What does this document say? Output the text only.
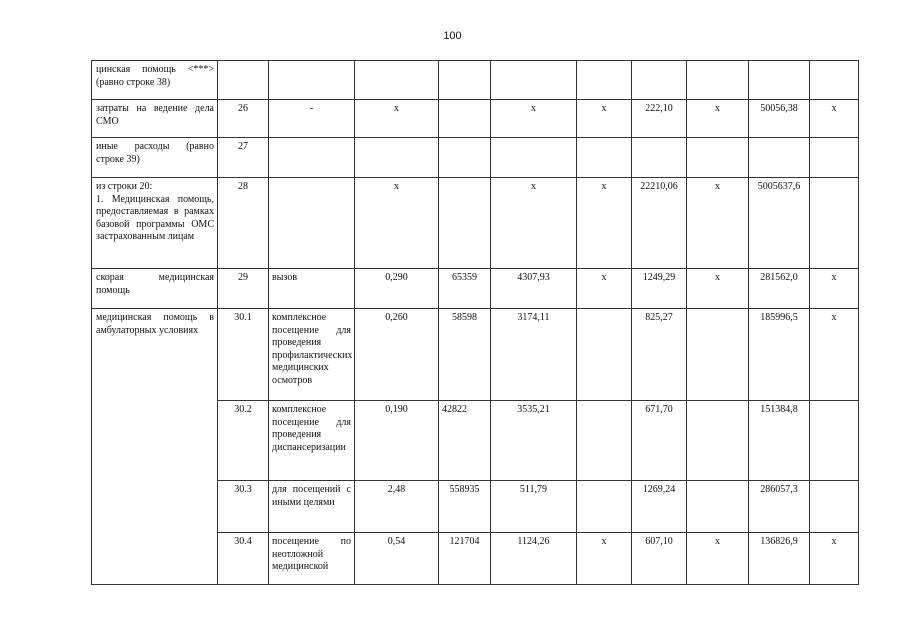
100
цинская помощь <***> (равно строке 38)										
затраты на ведение дела СМО	26	-	х		х	х	222,10	х	50056,38	х
иные расходы (равно строке 39)	27									
из строки 20:
1. Медицинская помощь, предоставляемая в рамках базовой программы ОМС застрахованным лицам	28		х		х	х	22210,06	х	5005637,6	
скорая медицинская помощь	29	вызов	0,290	65359	4307,93	х	1249,29	х	281562,0	х
медицинская помощь в амбулаторных условиях	30.1	комплексное посещение для проведения профилактических медицинских осмотров	0,260	58598	3174,11		825,27		185996,5	х
	30.2	комплексное посещение для проведения диспансеризации	0,190	42822	3535,21		671,70		151384,8	
	30.3	для посещений с иными целями	2,48	558935	511,79		1269,24		286057,3	
	30.4	посещение по неотложной медицинской	0,54	121704	1124,26	х	607,10	х	136826,9	х
